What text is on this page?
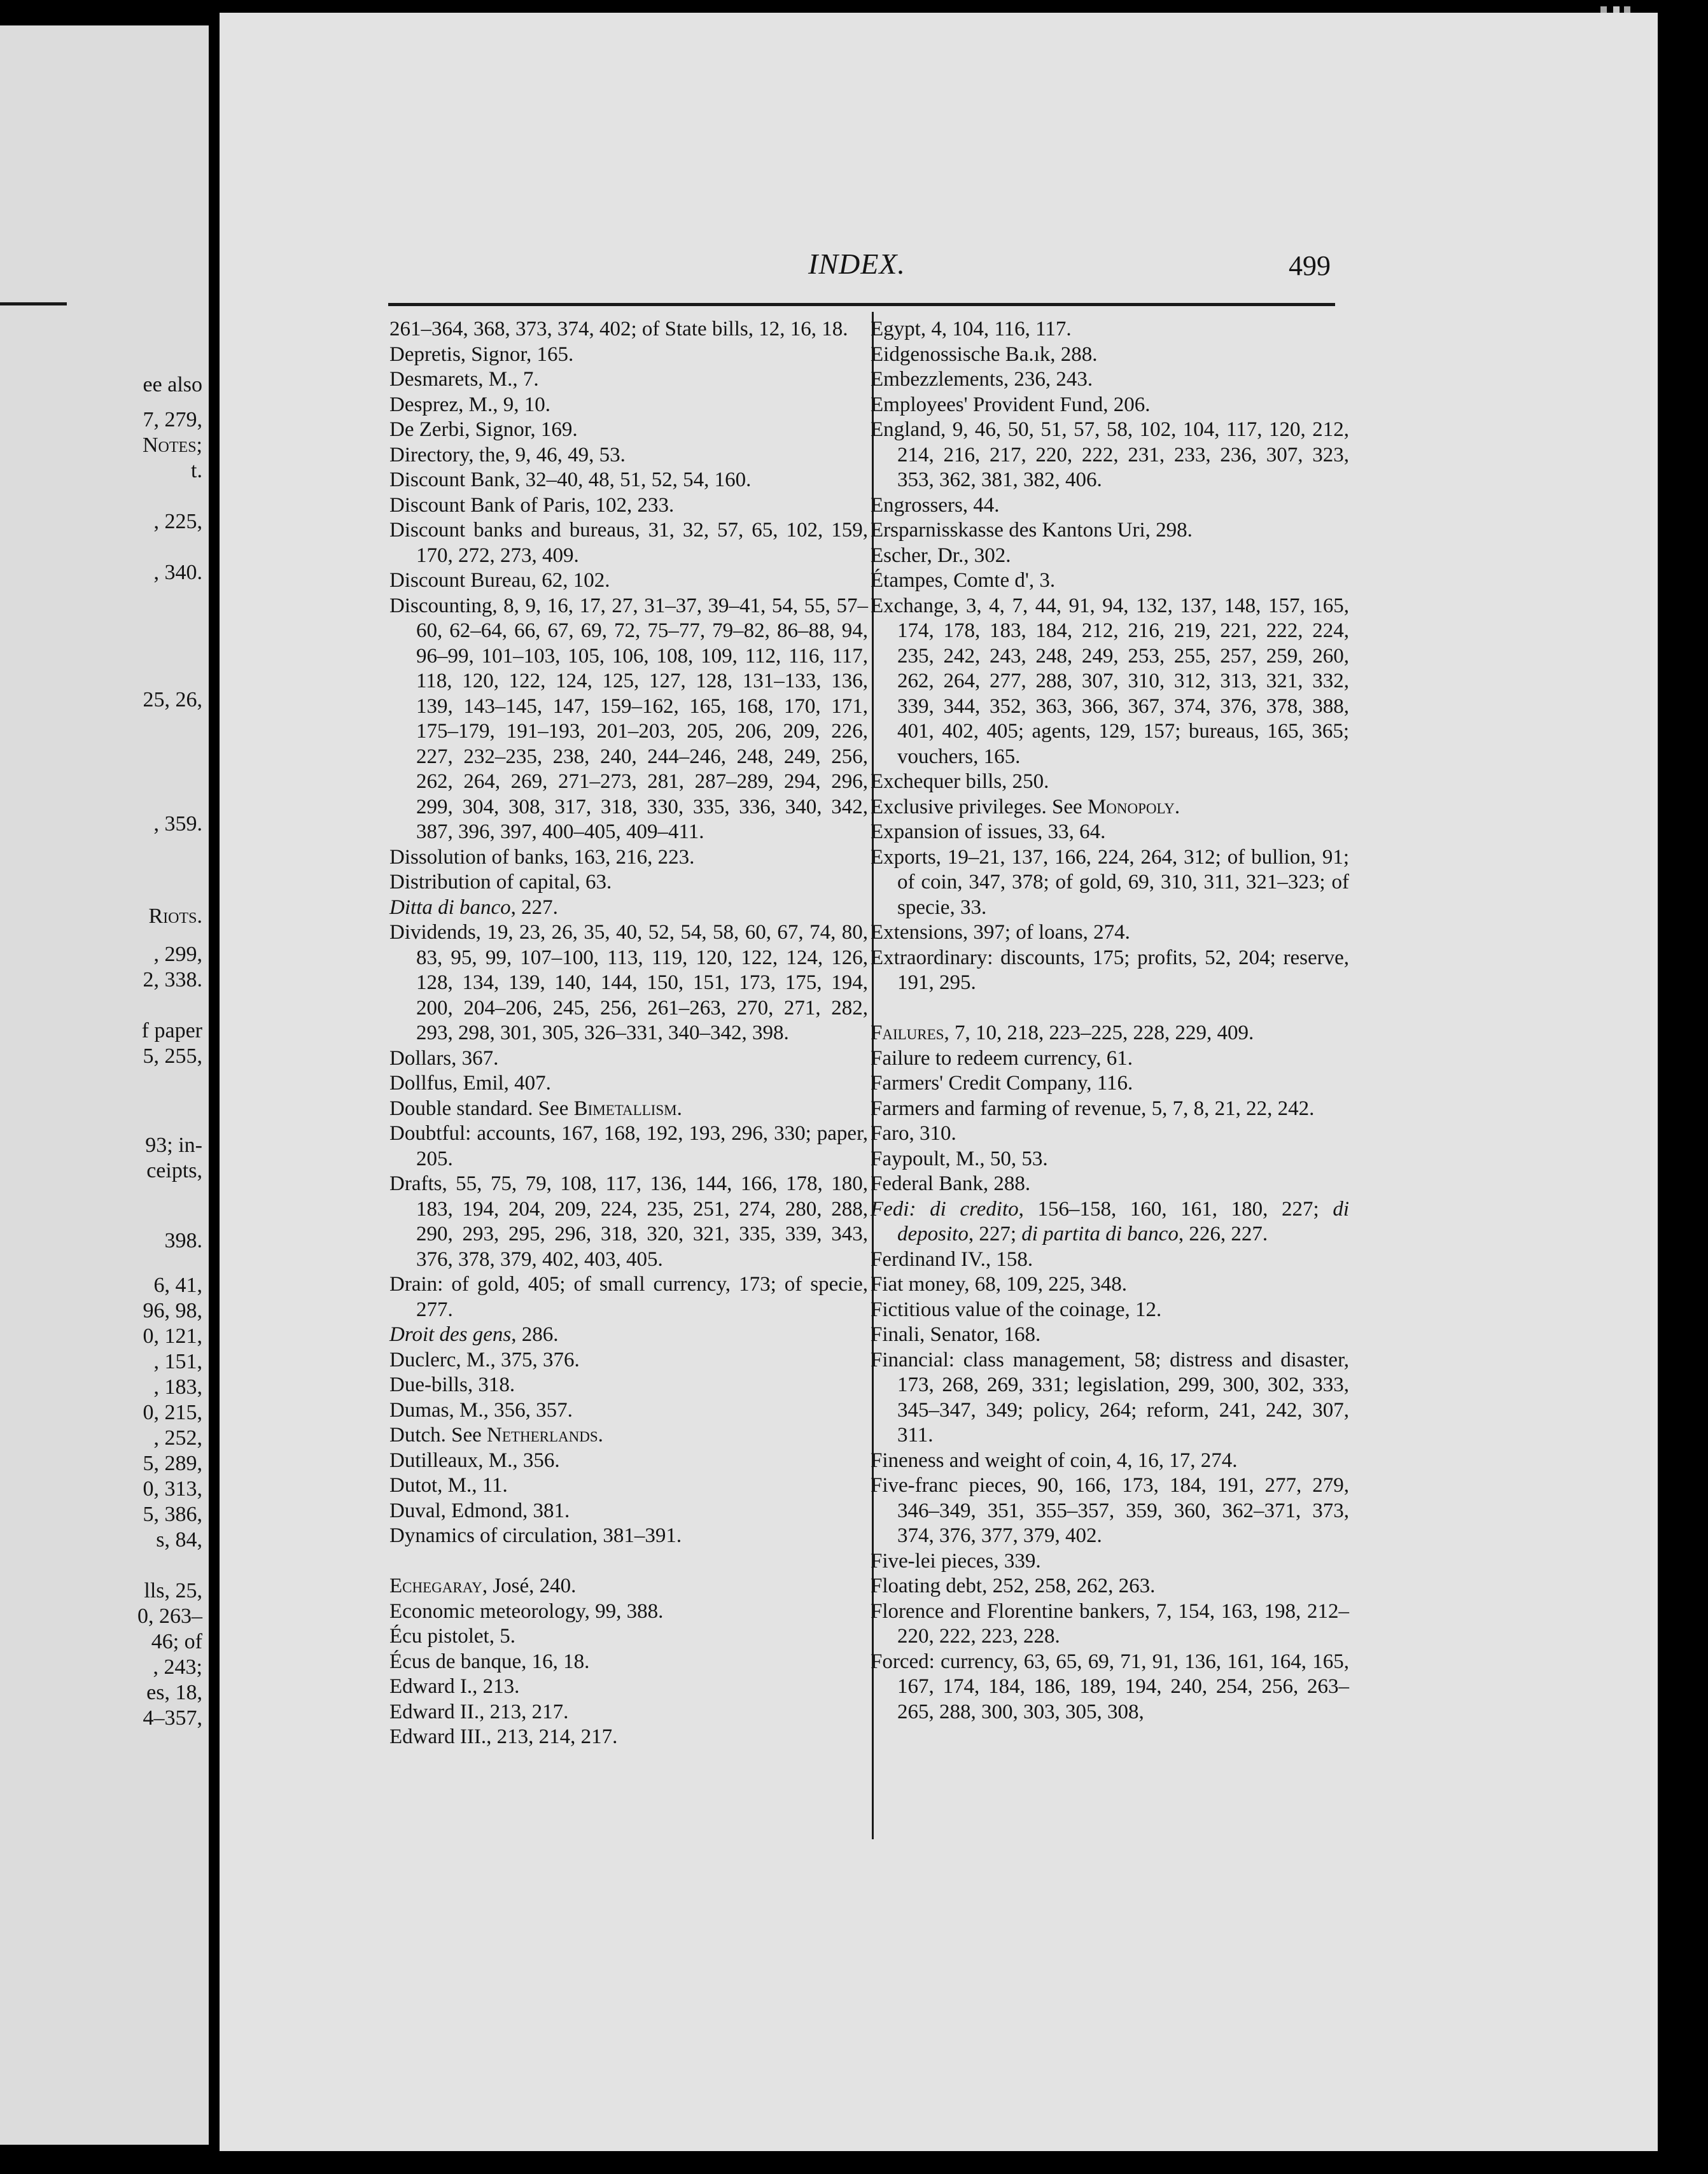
ee also
7, 279,
Notes;
t.
, 225,
, 340.
25, 26,
, 359.
Riots.
, 299,
2, 338.
f paper
5, 255,
93; in-
ceipts,
398.
6, 41,
96, 98,
0, 121,
, 151,
, 183,
0, 215,
, 252,
5, 289,
0, 313,
5, 386,
s, 84,
lls, 25,
0, 263–
46; of
, 243;
es, 18,
4–357,
INDEX.	499
261–364, 368, 373, 374, 402; of State bills, 12, 16, 18.
Depretis, Signor, 165.
Desmarets, M., 7.
Desprez, M., 9, 10.
De Zerbi, Signor, 169.
Directory, the, 9, 46, 49, 53.
Discount Bank, 32–40, 48, 51, 52, 54, 160.
Discount Bank of Paris, 102, 233.
Discount banks and bureaus, 31, 32, 57, 65, 102, 159, 170, 272, 273, 409.
Discount Bureau, 62, 102.
Discounting, 8, 9, 16, 17, 27, 31–37, 39–41, 54, 55, 57–60, 62–64, 66, 67, 69, 72, 75–77, 79–82, 86–88, 94, 96–99, 101–103, 105, 106, 108, 109, 112, 116, 117, 118, 120, 122, 124, 125, 127, 128, 131–133, 136, 139, 143–145, 147, 159–162, 165, 168, 170, 171, 175–179, 191–193, 201–203, 205, 206, 209, 226, 227, 232–235, 238, 240, 244–246, 248, 249, 256, 262, 264, 269, 271–273, 281, 287–289, 294, 296, 299, 304, 308, 317, 318, 330, 335, 336, 340, 342, 387, 396, 397, 400–405, 409–411.
Dissolution of banks, 163, 216, 223.
Distribution of capital, 63.
Ditta di banco, 227.
Dividends, 19, 23, 26, 35, 40, 52, 54, 58, 60, 67, 74, 80, 83, 95, 99, 107–100, 113, 119, 120, 122, 124, 126, 128, 134, 139, 140, 144, 150, 151, 173, 175, 194, 200, 204–206, 245, 256, 261–263, 270, 271, 282, 293, 298, 301, 305, 326–331, 340–342, 398.
Dollars, 367.
Dollfus, Emil, 407.
Double standard. See Bimetallism.
Doubtful: accounts, 167, 168, 192, 193, 296, 330; paper, 205.
Drafts, 55, 75, 79, 108, 117, 136, 144, 166, 178, 180, 183, 194, 204, 209, 224, 235, 251, 274, 280, 288, 290, 293, 295, 296, 318, 320, 321, 335, 339, 343, 376, 378, 379, 402, 403, 405.
Drain: of gold, 405; of small currency, 173; of specie, 277.
Droit des gens, 286.
Duclerc, M., 375, 376.
Due-bills, 318.
Dumas, M., 356, 357.
Dutch. See Netherlands.
Dutilleaux, M., 356.
Dutot, M., 11.
Duval, Edmond, 381.
Dynamics of circulation, 381–391.
Echegaray, José, 240.
Economic meteorology, 99, 388.
Écu pistolet, 5.
Écus de banque, 16, 18.
Edward I., 213.
Edward II., 213, 217.
Edward III., 213, 214, 217.
Egypt, 4, 104, 116, 117.
Eidgenossische Ba.ık, 288.
Embezzlements, 236, 243.
Employees' Provident Fund, 206.
England, 9, 46, 50, 51, 57, 58, 102, 104, 117, 120, 212, 214, 216, 217, 220, 222, 231, 233, 236, 307, 323, 353, 362, 381, 382, 406.
Engrossers, 44.
Ersparnisskasse des Kantons Uri, 298.
Escher, Dr., 302.
Étampes, Comte d', 3.
Exchange, 3, 4, 7, 44, 91, 94, 132, 137, 148, 157, 165, 174, 178, 183, 184, 212, 216, 219, 221, 222, 224, 235, 242, 243, 248, 249, 253, 255, 257, 259, 260, 262, 264, 277, 288, 307, 310, 312, 313, 321, 332, 339, 344, 352, 363, 366, 367, 374, 376, 378, 388, 401, 402, 405; agents, 129, 157; bureaus, 165, 365; vouchers, 165.
Exchequer bills, 250.
Exclusive privileges. See Monopoly.
Expansion of issues, 33, 64.
Exports, 19–21, 137, 166, 224, 264, 312; of bullion, 91; of coin, 347, 378; of gold, 69, 310, 311, 321–323; of specie, 33.
Extensions, 397; of loans, 274.
Extraordinary: discounts, 175; profits, 52, 204; reserve, 191, 295.
Failures, 7, 10, 218, 223–225, 228, 229, 409.
Failure to redeem currency, 61.
Farmers' Credit Company, 116.
Farmers and farming of revenue, 5, 7, 8, 21, 22, 242.
Faro, 310.
Faypoult, M., 50, 53.
Federal Bank, 288.
Fedi: di credito, 156–158, 160, 161, 180, 227; di deposito, 227; di partita di banco, 226, 227.
Ferdinand IV., 158.
Fiat money, 68, 109, 225, 348.
Fictitious value of the coinage, 12.
Finali, Senator, 168.
Financial: class management, 58; distress and disaster, 173, 268, 269, 331; legislation, 299, 300, 302, 333, 345–347, 349; policy, 264; reform, 241, 242, 307, 311.
Fineness and weight of coin, 4, 16, 17, 274.
Five-franc pieces, 90, 166, 173, 184, 191, 277, 279, 346–349, 351, 355–357, 359, 360, 362–371, 373, 374, 376, 377, 379, 402.
Five-lei pieces, 339.
Floating debt, 252, 258, 262, 263.
Florence and Florentine bankers, 7, 154, 163, 198, 212–220, 222, 223, 228.
Forced: currency, 63, 65, 69, 71, 91, 136, 161, 164, 165, 167, 174, 184, 186, 189, 194, 240, 254, 256, 263–265, 288, 300, 303, 305, 308,
